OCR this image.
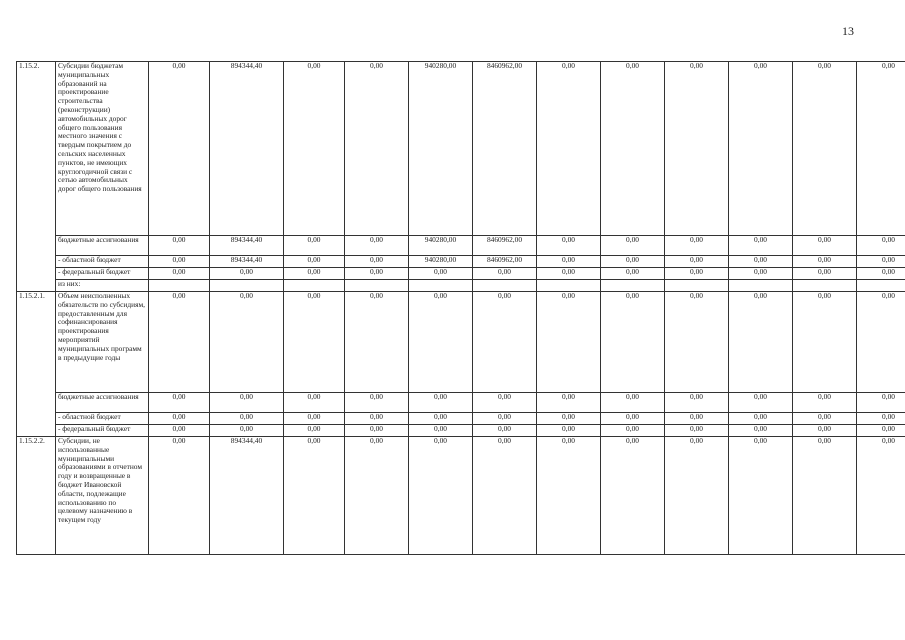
13
1.15.2.	Субсидии бюджетам муниципальных образований на проектирование строительства (реконструкции) автомобильных дорог общего пользования местного значения с твердым покрытием до сельских населенных пунктов, не имеющих круглогодичной связи с сетью автомобильных дорог общего пользования	0,00	894344,40	0,00	0,00	940280,00	8460962,00	0,00	0,00	0,00	0,00	0,00	0,00
	бюджетные ассигнования	0,00	894344,40	0,00	0,00	940280,00	8460962,00	0,00	0,00	0,00	0,00	0,00	0,00
	- областной бюджет	0,00	894344,40	0,00	0,00	940280,00	8460962,00	0,00	0,00	0,00	0,00	0,00	0,00
	- федеральный бюджет	0,00	0,00	0,00	0,00	0,00	0,00	0,00	0,00	0,00	0,00	0,00	0,00
	из них:												
1.15.2.1.	Объем неисполненных обязательств по субсидиям, предоставленным для софинансирования проектирования мероприятий муниципальных программ в предыдущие годы	0,00	0,00	0,00	0,00	0,00	0,00	0,00	0,00	0,00	0,00	0,00	0,00
	бюджетные ассигнования	0,00	0,00	0,00	0,00	0,00	0,00	0,00	0,00	0,00	0,00	0,00	0,00
	- областной бюджет	0,00	0,00	0,00	0,00	0,00	0,00	0,00	0,00	0,00	0,00	0,00	0,00
	- федеральный бюджет	0,00	0,00	0,00	0,00	0,00	0,00	0,00	0,00	0,00	0,00	0,00	0,00
1.15.2.2.	Субсидии, не использованные муниципальными образованиями в отчетном году и возвращенные в бюджет Ивановской области, подлежащие использованию по целевому назначению в текущем году	0,00	894344,40	0,00	0,00	0,00	0,00	0,00	0,00	0,00	0,00	0,00	0,00
